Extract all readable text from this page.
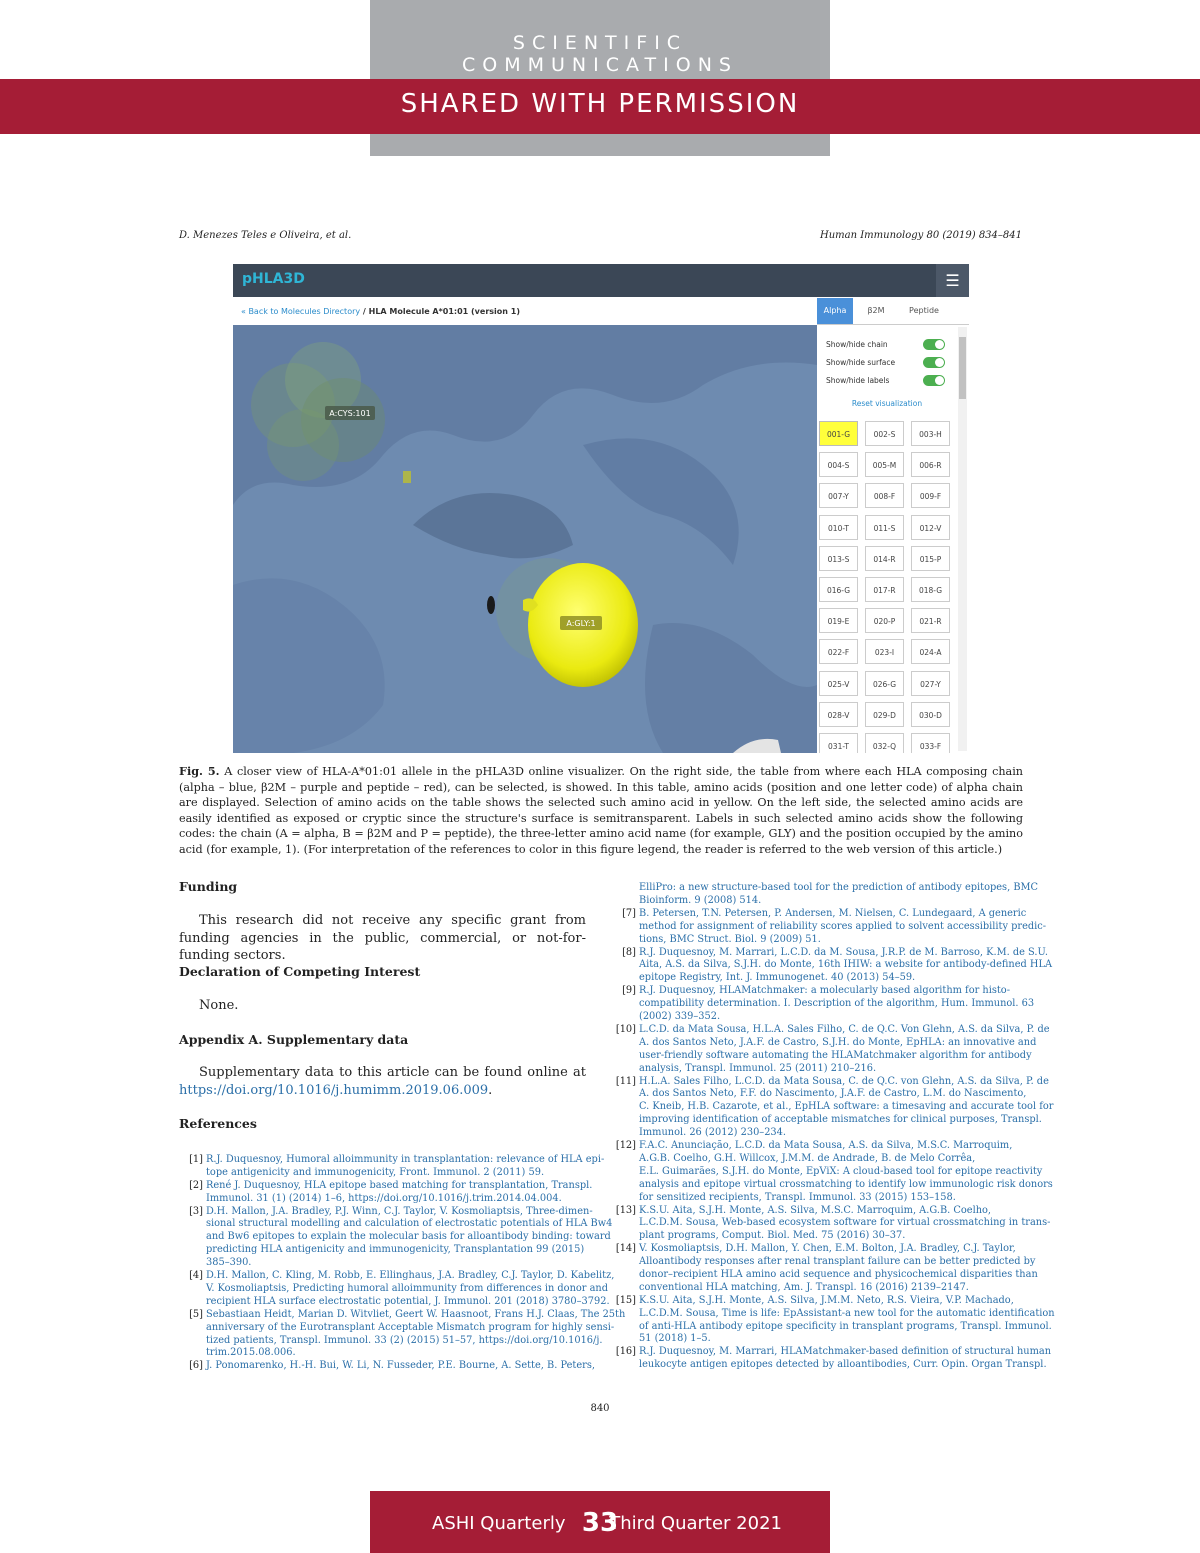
SCIENTIFIC COMMUNICATIONS
SHARED WITH PERMISSION
D. Menezes Teles e Oliveira, et al.	Human Immunology 80 (2019) 834–841
pHLA3D	☰
« Back to Molecules Directory / HLA Molecule A*01:01 (version 1)	Alpha	β2M	Peptide
A:CYS:101
A:GLY:1
Show/hide chain
Show/hide surface
Show/hide labels
Reset visualization
001-G	002-S	003-H
004-S	005-M	006-R
007-Y	008-F	009-F
010-T	011-S	012-V
013-S	014-R	015-P
016-G	017-R	018-G
019-E	020-P	021-R
022-F	023-I	024-A
025-V	026-G	027-Y
028-V	029-D	030-D
031-T	032-Q	033-F
Fig. 5. A closer view of HLA-A*01:01 allele in the pHLA3D online visualizer. On the right side, the table from where each HLA composing chain (alpha – blue, β2M – purple and peptide – red), can be selected, is showed. In this table, amino acids (position and one letter code) of alpha chain are displayed. Selection of amino acids on the table shows the selected such amino acid in yellow. On the left side, the selected amino acids are easily identified as exposed or cryptic since the structure's surface is semitransparent. Labels in such selected amino acids show the following codes: the chain (A = alpha, B = β2M and P = peptide), the three-letter amino acid name (for example, GLY) and the position occupied by the amino acid (for example, 1). (For interpretation of the references to color in this figure legend, the reader is referred to the web version of this article.)
Funding

This research did not receive any specific grant from funding agencies in the public, commercial, or not-for-funding sectors.

Declaration of Competing Interest

None.

Appendix A. Supplementary data

Supplementary data to this article can be found online at https://doi.org/10.1016/j.humimm.2019.06.009.

References
[1] R.J. Duquesnoy, Humoral alloimmunity in transplantation: relevance of HLA epi-
tope antigenicity and immunogenicity, Front. Immunol. 2 (2011) 59.
[2] René J. Duquesnoy, HLA epitope based matching for transplantation, Transpl.
Immunol. 31 (1) (2014) 1–6, https://doi.org/10.1016/j.trim.2014.04.004.
[3] D.H. Mallon, J.A. Bradley, P.J. Winn, C.J. Taylor, V. Kosmoliaptsis, Three-dimen-
sional structural modelling and calculation of electrostatic potentials of HLA Bw4
and Bw6 epitopes to explain the molecular basis for alloantibody binding: toward
predicting HLA antigenicity and immunogenicity, Transplantation 99 (2015)
385–390.
[4] D.H. Mallon, C. Kling, M. Robb, E. Ellinghaus, J.A. Bradley, C.J. Taylor, D. Kabelitz,
V. Kosmoliaptsis, Predicting humoral alloimmunity from differences in donor and
recipient HLA surface electrostatic potential, J. Immunol. 201 (2018) 3780–3792.
[5] Sebastiaan Heidt, Marian D. Witvliet, Geert W. Haasnoot, Frans H.J. Claas, The 25th
anniversary of the Eurotransplant Acceptable Mismatch program for highly sensi-
tized patients, Transpl. Immunol. 33 (2) (2015) 51–57, https://doi.org/10.1016/j.
trim.2015.08.006.
[6] J. Ponomarenko, H.-H. Bui, W. Li, N. Fusseder, P.E. Bourne, A. Sette, B. Peters,
ElliPro: a new structure-based tool for the prediction of antibody epitopes, BMC
Bioinform. 9 (2008) 514.
[7] B. Petersen, T.N. Petersen, P. Andersen, M. Nielsen, C. Lundegaard, A generic
method for assignment of reliability scores applied to solvent accessibility predic-
tions, BMC Struct. Biol. 9 (2009) 51.
[8] R.J. Duquesnoy, M. Marrari, L.C.D. da M. Sousa, J.R.P. de M. Barroso, K.M. de S.U.
Aita, A.S. da Silva, S.J.H. do Monte, 16th IHIW: a website for antibody-defined HLA
epitope Registry, Int. J. Immunogenet. 40 (2013) 54–59.
[9] R.J. Duquesnoy, HLAMatchmaker: a molecularly based algorithm for histo-
compatibility determination. I. Description of the algorithm, Hum. Immunol. 63
(2002) 339–352.
[10] L.C.D. da Mata Sousa, H.L.A. Sales Filho, C. de Q.C. Von Glehn, A.S. da Silva, P. de
A. dos Santos Neto, J.A.F. de Castro, S.J.H. do Monte, EpHLA: an innovative and
user-friendly software automating the HLAMatchmaker algorithm for antibody
analysis, Transpl. Immunol. 25 (2011) 210–216.
[11] H.L.A. Sales Filho, L.C.D. da Mata Sousa, C. de Q.C. von Glehn, A.S. da Silva, P. de
A. dos Santos Neto, F.F. do Nascimento, J.A.F. de Castro, L.M. do Nascimento,
C. Kneib, H.B. Cazarote, et al., EpHLA software: a timesaving and accurate tool for
improving identification of acceptable mismatches for clinical purposes, Transpl.
Immunol. 26 (2012) 230–234.
[12] F.A.C. Anunciação, L.C.D. da Mata Sousa, A.S. da Silva, M.S.C. Marroquim,
A.G.B. Coelho, G.H. Willcox, J.M.M. de Andrade, B. de Melo Corrêa,
E.L. Guimarães, S.J.H. do Monte, EpViX: A cloud-based tool for epitope reactivity
analysis and epitope virtual crossmatching to identify low immunologic risk donors
for sensitized recipients, Transpl. Immunol. 33 (2015) 153–158.
[13] K.S.U. Aita, S.J.H. Monte, A.S. Silva, M.S.C. Marroquim, A.G.B. Coelho,
L.C.D.M. Sousa, Web-based ecosystem software for virtual crossmatching in trans-
plant programs, Comput. Biol. Med. 75 (2016) 30–37.
[14] V. Kosmoliaptsis, D.H. Mallon, Y. Chen, E.M. Bolton, J.A. Bradley, C.J. Taylor,
Alloantibody responses after renal transplant failure can be better predicted by
donor–recipient HLA amino acid sequence and physicochemical disparities than
conventional HLA matching, Am. J. Transpl. 16 (2016) 2139–2147.
[15] K.S.U. Aita, S.J.H. Monte, A.S. Silva, J.M.M. Neto, R.S. Vieira, V.P. Machado,
L.C.D.M. Sousa, Time is life: EpAssistant-a new tool for the automatic identification
of anti-HLA antibody epitope specificity in transplant programs, Transpl. Immunol.
51 (2018) 1–5.
[16] R.J. Duquesnoy, M. Marrari, HLAMatchmaker-based definition of structural human
leukocyte antigen epitopes detected by alloantibodies, Curr. Opin. Organ Transpl.
840
ASHI Quarterly 33
Third Quarter 2021
